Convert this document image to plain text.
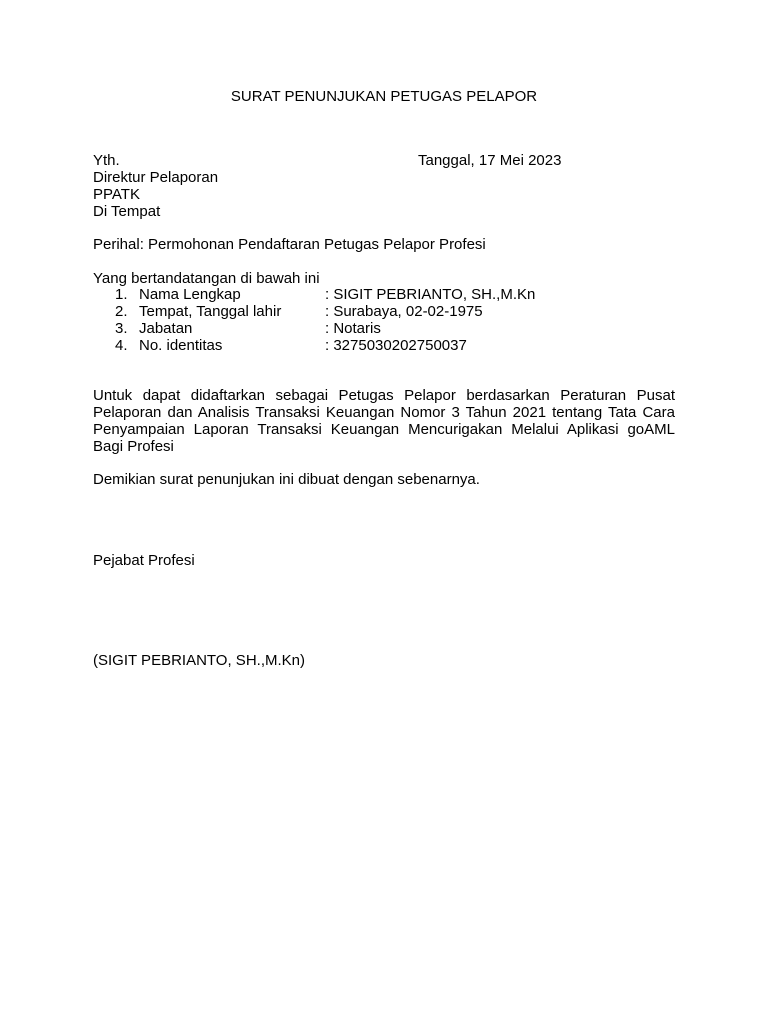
SURAT PENUNJUKAN PETUGAS PELAPOR
Yth.
Direktur Pelaporan
PPATK
Di Tempat
Tanggal, 17 Mei 2023
Perihal: Permohonan Pendaftaran Petugas Pelapor Profesi
Yang bertandatangan di bawah ini
1. Nama Lengkap	: SIGIT PEBRIANTO, SH.,M.Kn
2. Tempat, Tanggal lahir	: Surabaya, 02-02-1975
3. Jabatan	: Notaris
4. No. identitas	: 3275030202750037
Untuk dapat didaftarkan sebagai Petugas Pelapor berdasarkan Peraturan Pusat Pelaporan dan Analisis Transaksi Keuangan Nomor 3 Tahun 2021 tentang Tata Cara Penyampaian Laporan Transaksi Keuangan Mencurigakan Melalui Aplikasi goAML Bagi Profesi
Demikian surat penunjukan ini dibuat dengan sebenarnya.
Pejabat Profesi
(SIGIT PEBRIANTO, SH.,M.Kn)
